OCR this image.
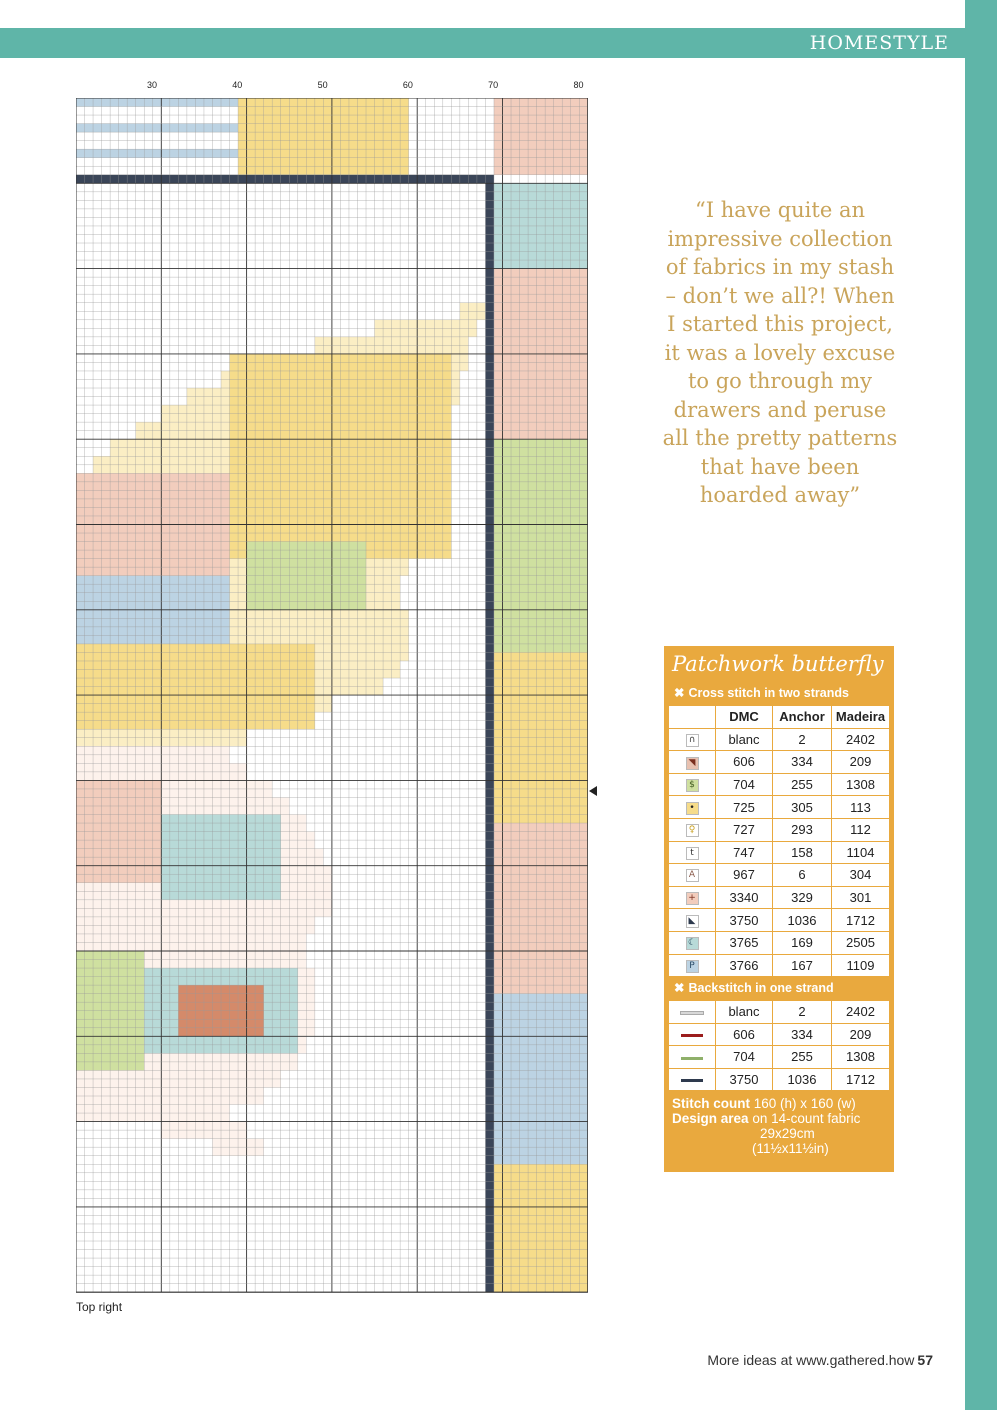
HOMESTYLE
30	40	50	60	70	80
Top right
“I have quite an
impressive collection
of fabrics in my stash
– don’t we all?! When
I started this project,
it was a lovely excuse
to go through my
drawers and peruse
all the pretty patterns
that have been
hoarded away”
Patchwork butterfly
✖ Cross stitch in two strands
	DMC	Anchor	Madeira
∩	blanc	2	2402
◥	606	334	209
$	704	255	1308
•	725	305	113
♀	727	293	112
t	747	158	1104
A	967	6	304
+	3340	329	301
◣	3750	1036	1712
☾	3765	169	2505
P	3766	167	1109
✖ Backstitch in one strand
	blanc	2	2402
	606	334	209
	704	255	1308
	3750	1036	1712
Stitch count 160 (h) x 160 (w)
Design area on 14-count fabric
29x29cm
(11½x11½in)
More ideas at www.gathered.how 57
